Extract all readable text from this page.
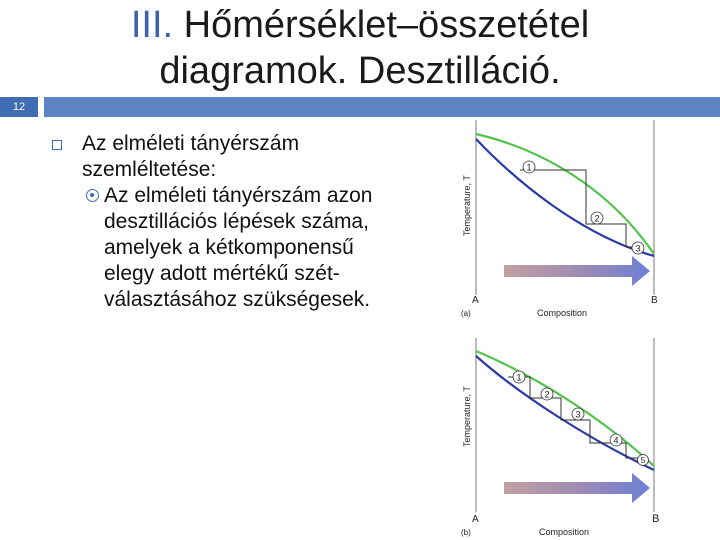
III. Hőmérséklet–összetétel
diagramok. Desztilláció.
12
Az elméleti tányérszám
szemléltetése:
Az elméleti tányérszám azon
desztillációs lépések száma,
amelyek a kétkomponensű
elegy adott mértékű szét-
választásához szükségesek.
1
2
3
Temperature, T
A	B
(a)	Composition
1
2
3
4
5
Temperature, T
A	B
(b)	Composition
